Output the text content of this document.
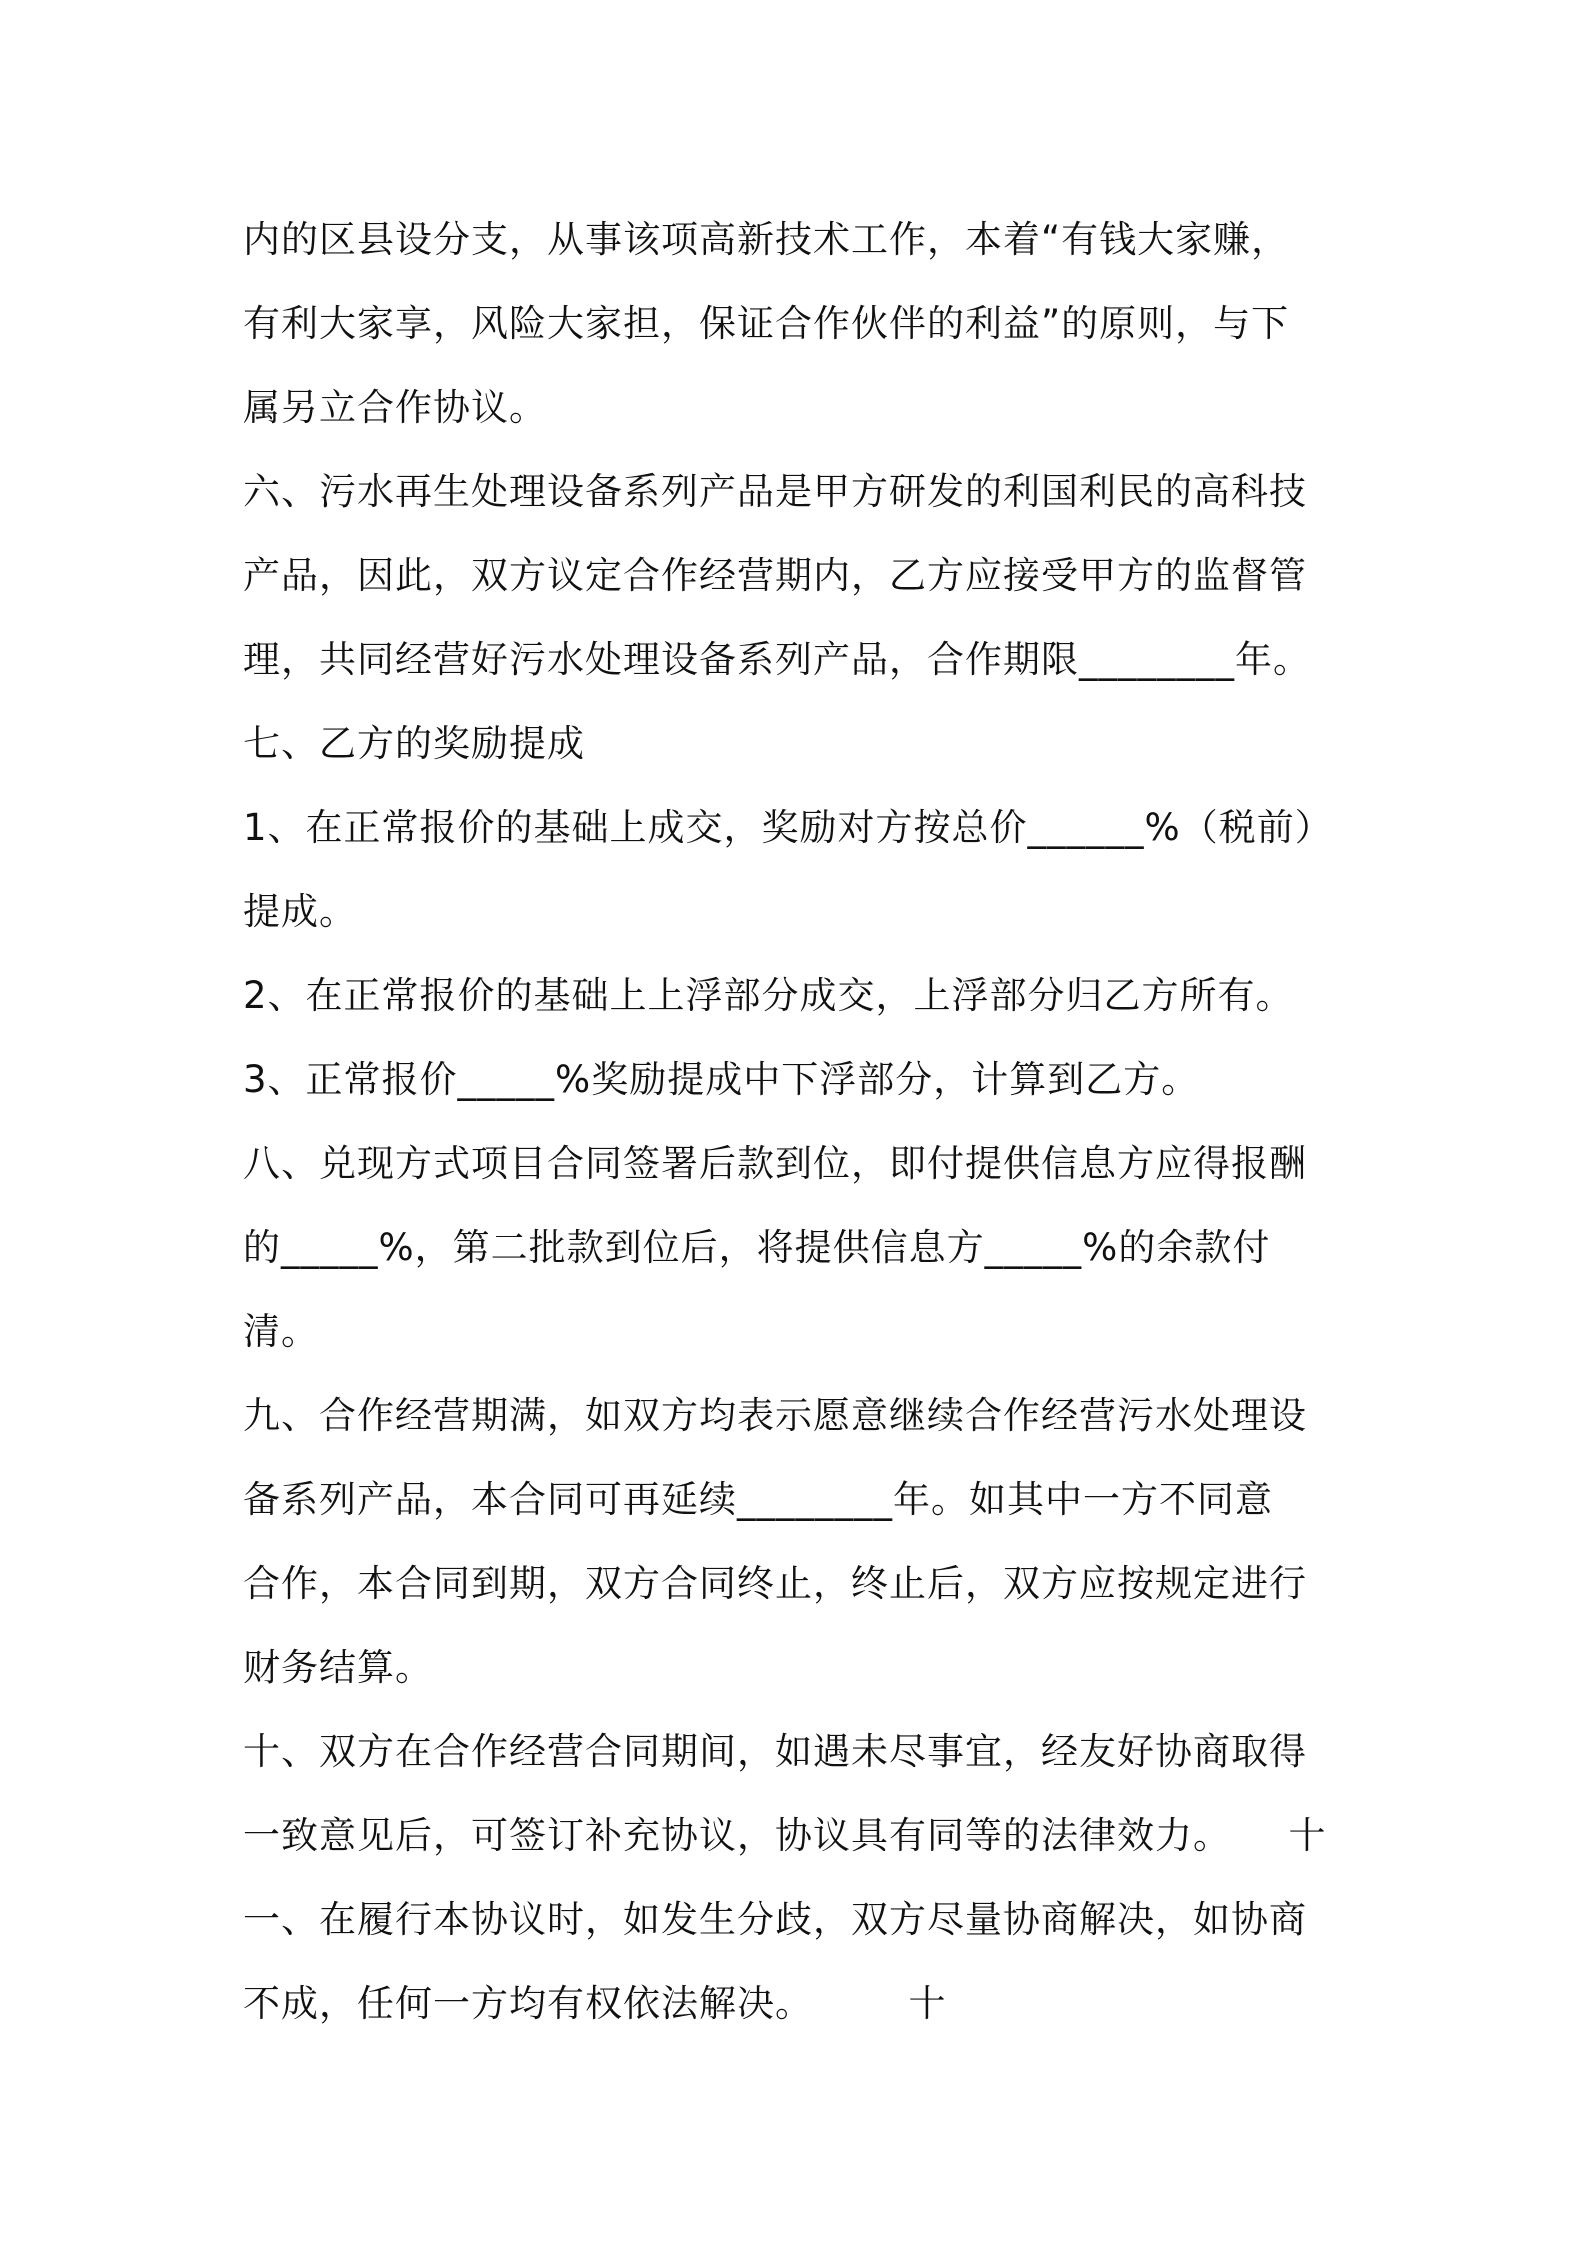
内的区县设分支，从事该项高新技术工作，本着“有钱大家赚，
有利大家享，风险大家担，保证合作伙伴的利益”的原则，与下
属另立合作协议。
六、污水再生处理设备系列产品是甲方研发的利国利民的高科技
产品，因此，双方议定合作经营期内，乙方应接受甲方的监督管
理，共同经营好污水处理设备系列产品，合作期限________年。
七、乙方的奖励提成
1、在正常报价的基础上成交，奖励对方按总价______%（税前）
提成。
2、在正常报价的基础上上浮部分成交，上浮部分归乙方所有。
3、正常报价_____%奖励提成中下浮部分，计算到乙方。
八、兑现方式项目合同签署后款到位，即付提供信息方应得报酬
的_____%，第二批款到位后，将提供信息方_____%的余款付
清。
九、合作经营期满，如双方均表示愿意继续合作经营污水处理设
备系列产品，本合同可再延续________年。如其中一方不同意
合作，本合同到期，双方合同终止，终止后，双方应按规定进行
财务结算。
十、双方在合作经营合同期间，如遇未尽事宜，经友好协商取得
一致意见后，可签订补充协议，协议具有同等的法律效力。　　十
一、在履行本协议时，如发生分歧，双方尽量协商解决，如协商
不成，任何一方均有权依法解决。　　　十
